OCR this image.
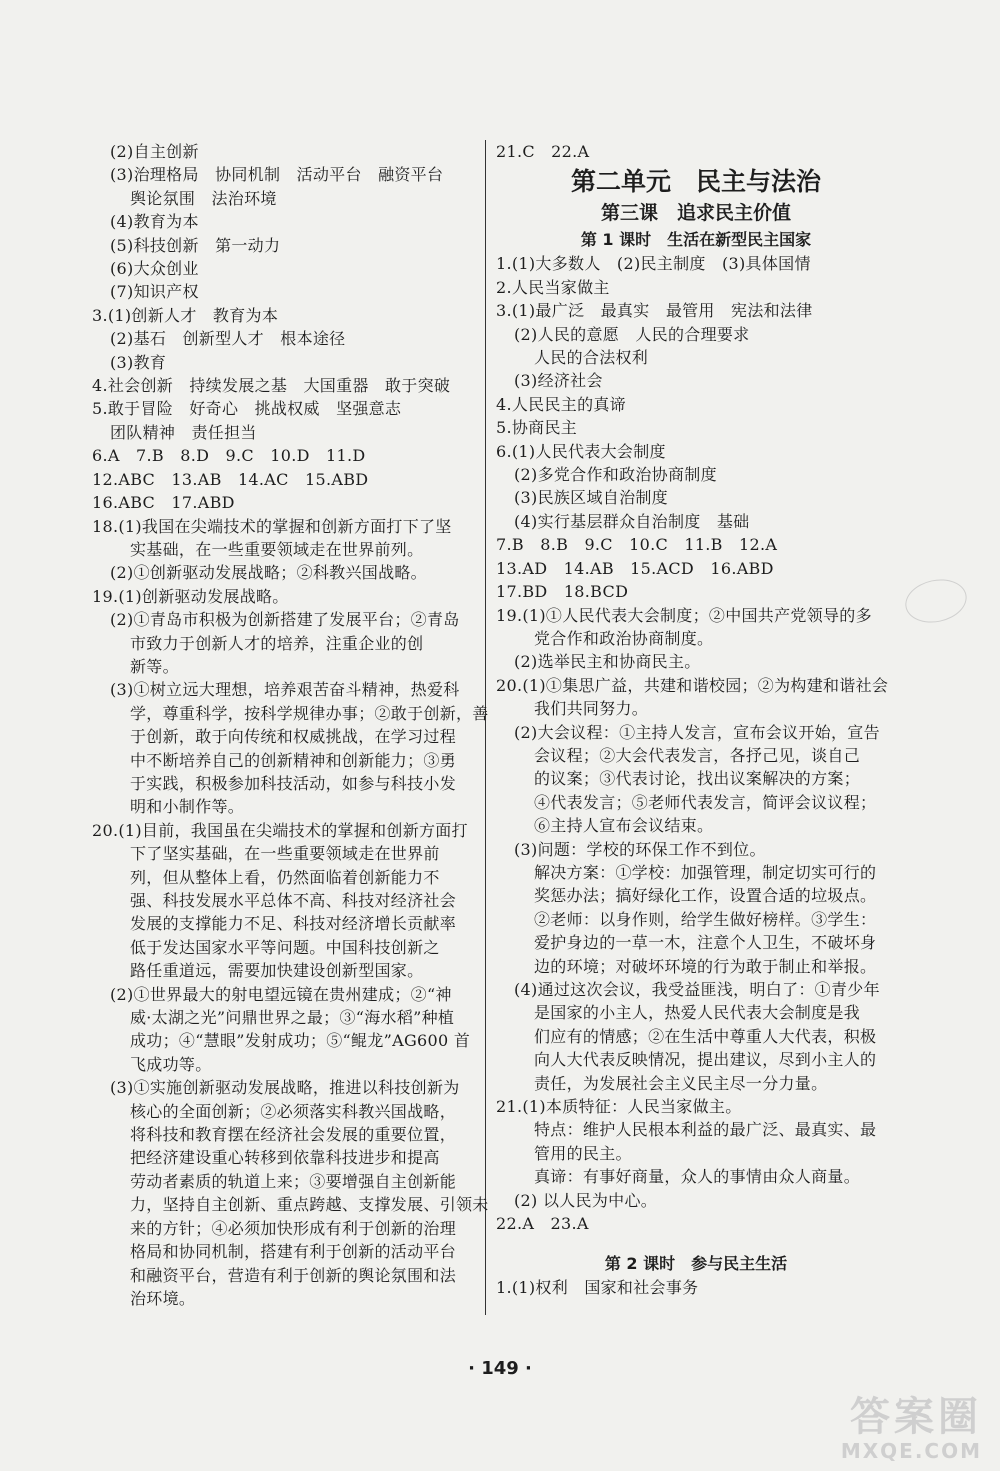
(2)自主创新
(3)治理格局　协同机制　活动平台　融资平台
舆论氛围　法治环境
(4)教育为本
(5)科技创新　第一动力
(6)大众创业
(7)知识产权
3.(1)创新人才　教育为本
(2)基石　创新型人才　根本途径
(3)教育
4.社会创新　持续发展之基　大国重器　敢于突破
5.敢于冒险　好奇心　挑战权威　坚强意志
团队精神　责任担当
6.A　7.B　8.D　9.C　10.D　11.D
12.ABC　13.AB　14.AC　15.ABD
16.ABC　17.ABD
18.(1)我国在尖端技术的掌握和创新方面打下了坚
实基础，在一些重要领域走在世界前列。
(2)①创新驱动发展战略；②科教兴国战略。
19.(1)创新驱动发展战略。
(2)①青岛市积极为创新搭建了发展平台；②青岛
市致力于创新人才的培养，注重企业的创
新等。
(3)①树立远大理想，培养艰苦奋斗精神，热爱科
学，尊重科学，按科学规律办事；②敢于创新，善
于创新，敢于向传统和权威挑战，在学习过程
中不断培养自己的创新精神和创新能力；③勇
于实践，积极参加科技活动，如参与科技小发
明和小制作等。
20.(1)目前，我国虽在尖端技术的掌握和创新方面打
下了坚实基础，在一些重要领域走在世界前
列，但从整体上看，仍然面临着创新能力不
强、科技发展水平总体不高、科技对经济社会
发展的支撑能力不足、科技对经济增长贡献率
低于发达国家水平等问题。中国科技创新之
路任重道远，需要加快建设创新型国家。
(2)①世界最大的射电望远镜在贵州建成；②“神
威·太湖之光”问鼎世界之最；③“海水稻”种植
成功；④“慧眼”发射成功；⑤“鲲龙”AG600 首
飞成功等。
(3)①实施创新驱动发展战略，推进以科技创新为
核心的全面创新；②必须落实科教兴国战略，
将科技和教育摆在经济社会发展的重要位置，
把经济建设重心转移到依靠科技进步和提高
劳动者素质的轨道上来；③要增强自主创新能
力，坚持自主创新、重点跨越、支撑发展、引领未
来的方针；④必须加快形成有利于创新的治理
格局和协同机制，搭建有利于创新的活动平台
和融资平台，营造有利于创新的舆论氛围和法
治环境。
21.C　22.A
第二单元　民主与法治
第三课　追求民主价值
第 1 课时　生活在新型民主国家
1.(1)大多数人　(2)民主制度　(3)具体国情
2.人民当家做主
3.(1)最广泛　最真实　最管用　宪法和法律
(2)人民的意愿　人民的合理要求
人民的合法权利
(3)经济社会
4.人民民主的真谛
5.协商民主
6.(1)人民代表大会制度
(2)多党合作和政治协商制度
(3)民族区域自治制度
(4)实行基层群众自治制度　基础
7.B　8.B　9.C　10.C　11.B　12.A
13.AD　14.AB　15.ACD　16.ABD
17.BD　18.BCD
19.(1)①人民代表大会制度；②中国共产党领导的多
党合作和政治协商制度。
(2)选举民主和协商民主。
20.(1)①集思广益，共建和谐校园；②为构建和谐社会
我们共同努力。
(2)大会议程：①主持人发言，宣布会议开始，宣告
会议程；②大会代表发言，各抒己见，谈自己
的议案；③代表讨论，找出议案解决的方案；
④代表发言；⑤老师代表发言，简评会议议程；
⑥主持人宣布会议结束。
(3)问题：学校的环保工作不到位。
解决方案：①学校：加强管理，制定切实可行的
奖惩办法；搞好绿化工作，设置合适的垃圾点。
②老师：以身作则，给学生做好榜样。③学生：
爱护身边的一草一木，注意个人卫生，不破坏身
边的环境；对破坏环境的行为敢于制止和举报。
(4)通过这次会议，我受益匪浅，明白了：①青少年
是国家的小主人，热爱人民代表大会制度是我
们应有的情感；②在生活中尊重人大代表，积极
向人大代表反映情况，提出建议，尽到小主人的
责任，为发展社会主义民主尽一分力量。
21.(1)本质特征：人民当家做主。
特点：维护人民根本利益的最广泛、最真实、最
管用的民主。
真谛：有事好商量，众人的事情由众人商量。
(2) 以人民为中心。
22.A　23.A
第 2 课时　参与民主生活
1.(1)权利　国家和社会事务
· 149 ·
答案圈
MXQE.COM
